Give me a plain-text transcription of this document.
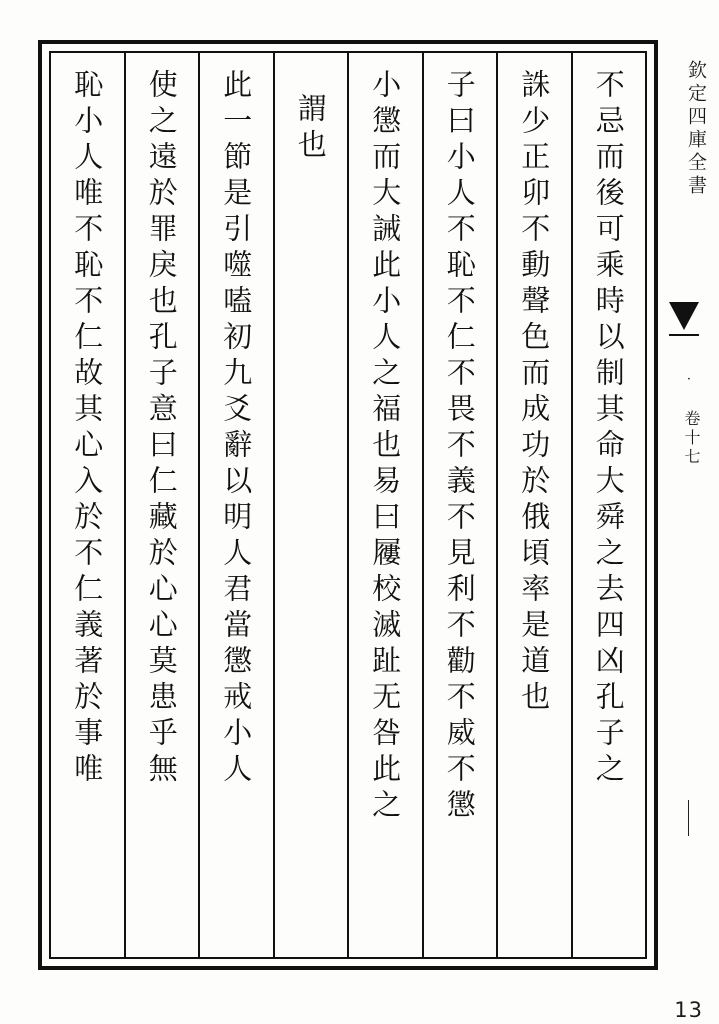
欽定四庫全書
·
卷十七
13
不忌而後可乘時以制其命大舜之去四凶孔子之
誅少正卯不動聲色而成功於俄頃率是道也
子曰小人不恥不仁不畏不義不見利不勸不威不懲
小懲而大誡此小人之福也易曰屨校滅趾无咎此之
謂也
此一節是引噬嗑初九爻辭以明人君當懲戒小人
使之遠於罪戾也孔子意曰仁藏於心心莫患乎無
恥小人唯不恥不仁故其心入於不仁義著於事唯
